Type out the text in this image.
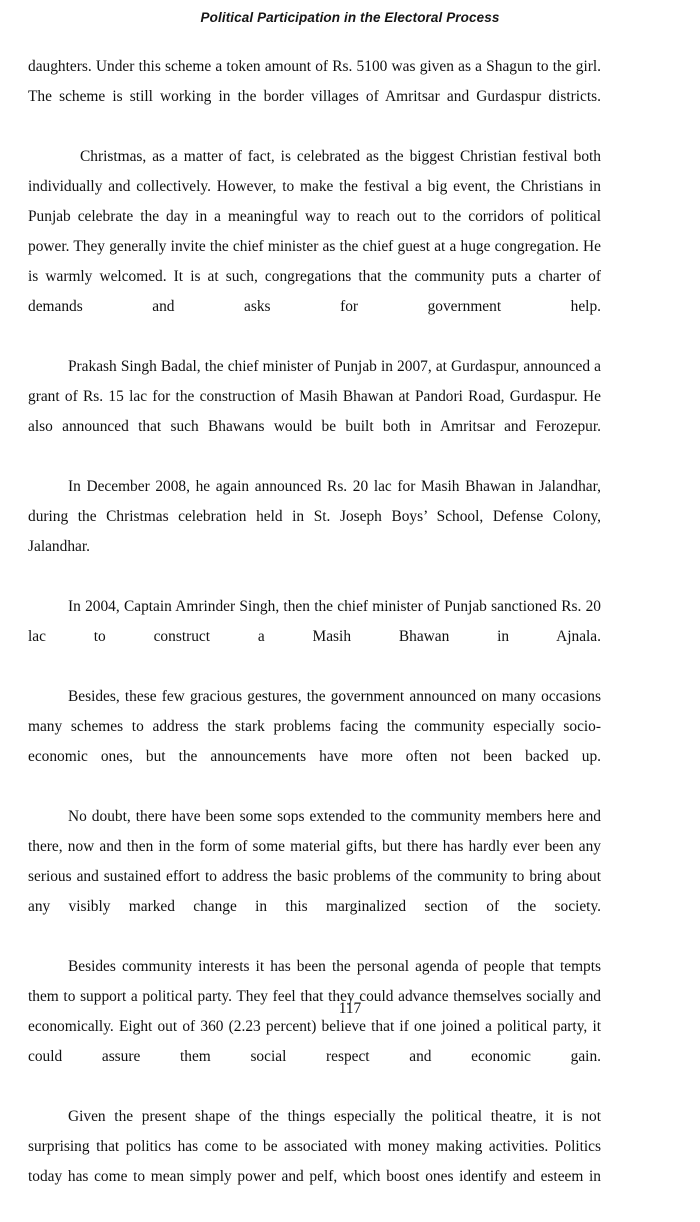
Political Participation in the Electoral Process

daughters. Under this scheme a token amount of Rs. 5100 was given as a Shagun to the girl. The scheme is still working in the border villages of Amritsar and Gurdaspur districts.

Christmas, as a matter of fact, is celebrated as the biggest Christian festival both individually and collectively. However, to make the festival a big event, the Christians in Punjab celebrate the day in a meaningful way to reach out to the corridors of political power. They generally invite the chief minister as the chief guest at a huge congregation. He is warmly welcomed. It is at such, congregations that the community puts a charter of demands and asks for government help.

Prakash Singh Badal, the chief minister of Punjab in 2007, at Gurdaspur, announced a grant of Rs. 15 lac for the construction of Masih Bhawan at Pandori Road, Gurdaspur. He also announced that such Bhawans would be built both in Amritsar and Ferozepur.

In December 2008, he again announced Rs. 20 lac for Masih Bhawan in Jalandhar, during the Christmas celebration held in St. Joseph Boys’ School, Defense Colony, Jalandhar.

In 2004, Captain Amrinder Singh, then the chief minister of Punjab sanctioned Rs. 20 lac to construct a Masih Bhawan in Ajnala.

Besides, these few gracious gestures, the government announced on many occasions many schemes to address the stark problems facing the community especially socio-economic ones, but the announcements have more often not been backed up.

No doubt, there have been some sops extended to the community members here and there, now and then in the form of some material gifts, but there has hardly ever been any serious and sustained effort to address the basic problems of the community to bring about any visibly marked change in this marginalized section of the society.

Besides community interests it has been the personal agenda of people that tempts them to support a political party. They feel that they could advance themselves socially and economically. Eight out of 360 (2.23 percent) believe that if one joined a political party, it could assure them social respect and economic gain.

Given the present shape of the things especially the political theatre, it is not surprising that politics has come to be associated with money making activities. Politics today has come to mean simply power and pelf, which boost ones identify and esteem in

117
